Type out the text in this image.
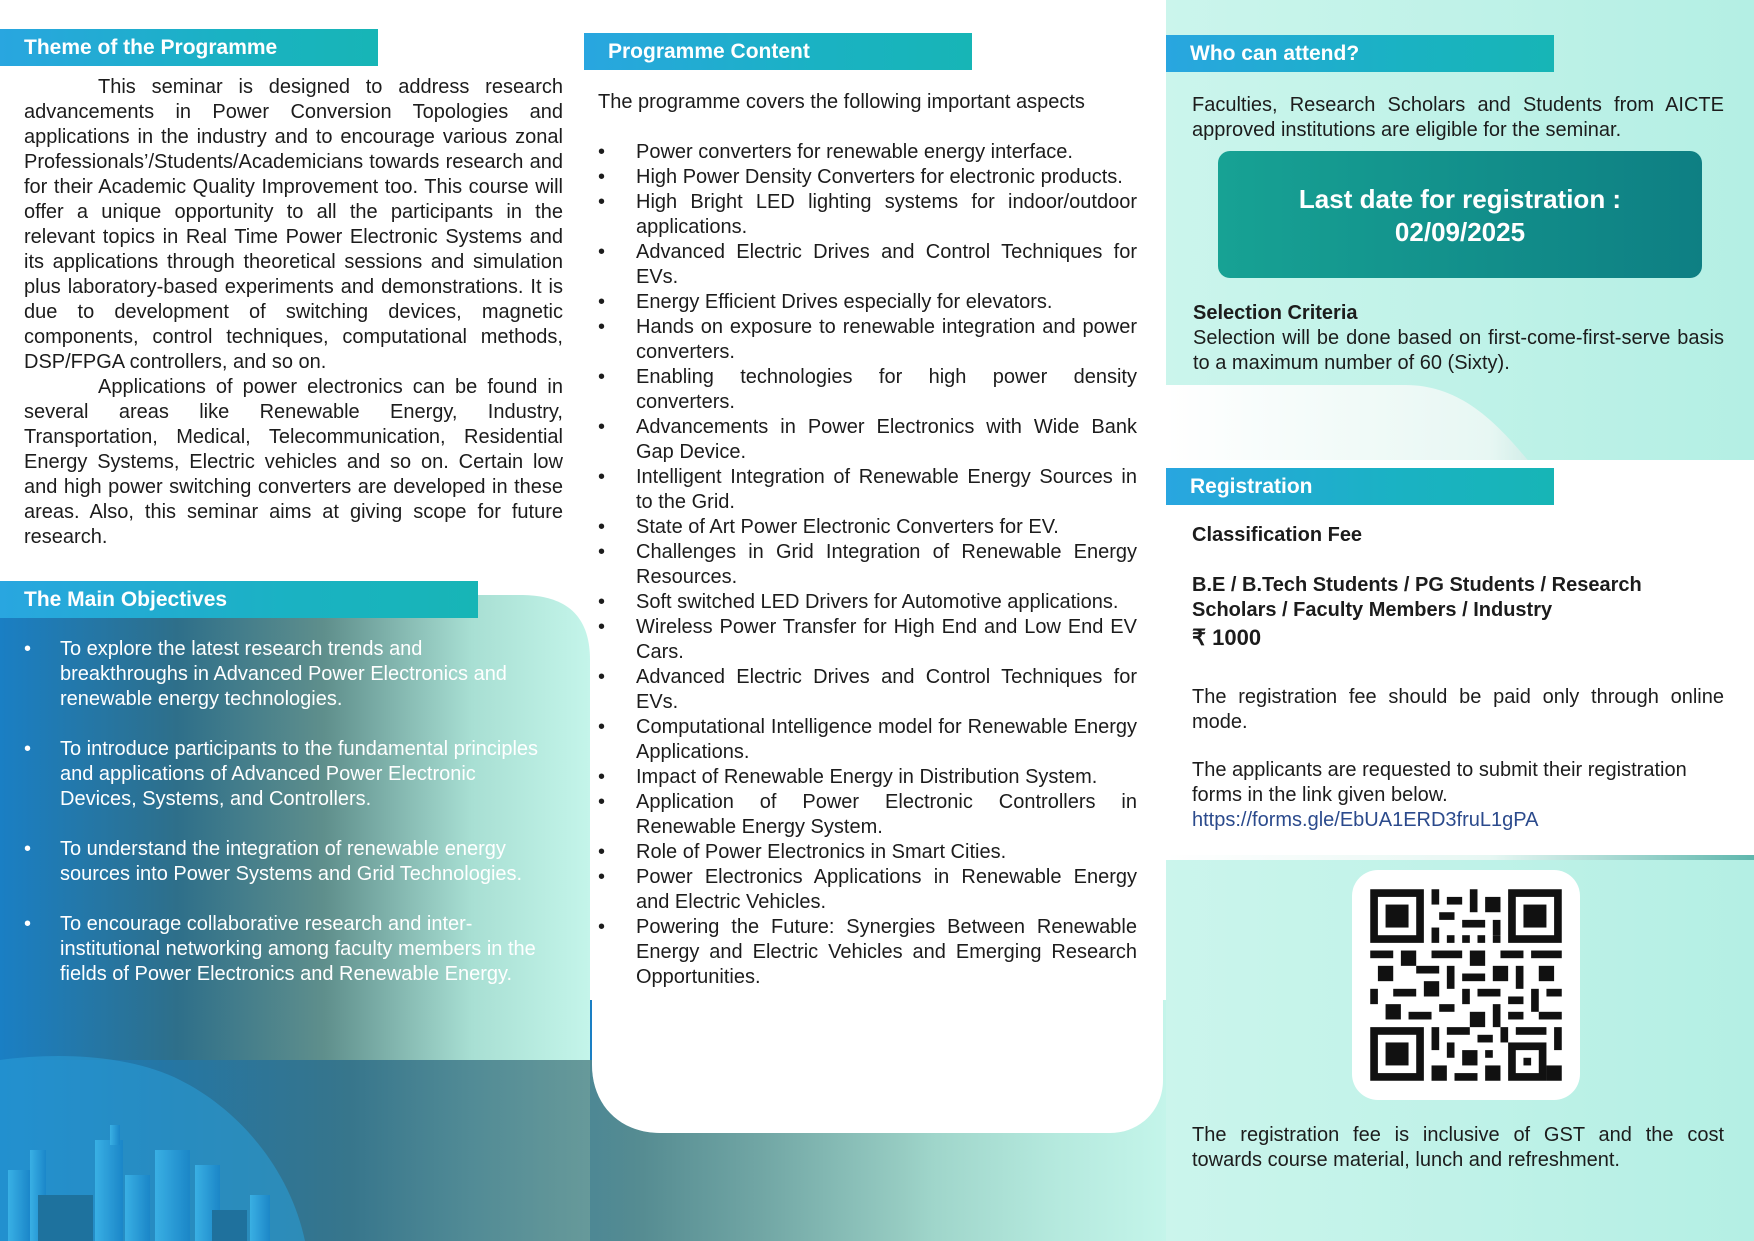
Theme of the Programme
This seminar is designed to address research advancements in Power Conversion Topologies and applications in the industry and to encourage various zonal Professionals’/Students/Academicians towards research and for their Academic Quality Improvement too. This course will offer a unique opportunity to all the participants in the relevant topics in Real Time Power Electronic Systems and its applications through theoretical sessions and simulation plus laboratory-based experiments and demonstrations. It is due to development of switching devices, magnetic components, control techniques, computational methods, DSP/FPGA controllers, and so on.
Applications of power electronics can be found in several areas like Renewable Energy, Industry, Transportation, Medical, Telecommunication, Residential Energy Systems, Electric vehicles and so on. Certain low and high power switching converters are developed in these areas. Also, this seminar aims at giving scope for future research.
The Main Objectives
• To explore the latest research trends and breakthroughs in Advanced Power Electronics and renewable energy technologies.
• To introduce participants to the fundamental principles and applications of Advanced Power Electronic Devices, Systems, and Controllers.
• To understand the integration of renewable energy sources into Power Systems and Grid Technologies.
• To encourage collaborative research and inter-institutional networking among faculty members in the fields of Power Electronics and Renewable Energy.
Programme Content
The programme covers the following important aspects
• Power converters for renewable energy interface.
• High Power Density Converters for electronic products.
• High Bright LED lighting systems for indoor/outdoor applications.
• Advanced Electric Drives and Control Techniques for EVs.
• Energy Efficient Drives especially for elevators.
• Hands on exposure to renewable integration and power converters.
• Enabling technologies for high power density converters.
• Advancements in Power Electronics with Wide Bank Gap Device.
• Intelligent Integration of Renewable Energy Sources in to the Grid.
• State of Art Power Electronic Converters for EV.
• Challenges in Grid Integration of Renewable Energy Resources.
• Soft switched LED Drivers for Automotive applications.
• Wireless Power Transfer for High End and Low End EV Cars.
• Advanced Electric Drives and Control Techniques for EVs.
• Computational Intelligence model for Renewable Energy Applications.
• Impact of Renewable Energy in Distribution System.
• Application of Power Electronic Controllers in Renewable Energy System.
• Role of Power Electronics in Smart Cities.
• Power Electronics Applications in Renewable Energy and Electric Vehicles.
• Powering the Future: Synergies Between Renewable Energy and Electric Vehicles and Emerging Research Opportunities.
Who can attend?
Faculties, Research Scholars and Students from AICTE approved institutions are eligible for the seminar.
Last date for registration :
02/09/2025
Selection Criteria
Selection will be done based on first-come-first-serve basis to a maximum number of 60 (Sixty).
Registration
Classification Fee
B.E / B.Tech Students / PG Students / Research Scholars / Faculty Members / Industry
₹ 1000
The registration fee should be paid only through online mode.
The applicants are requested to submit their registration forms in the link given below.
https://forms.gle/EbUA1ERD3fruL1gPA
The registration fee is inclusive of GST and the cost towards course material, lunch and refreshment.
